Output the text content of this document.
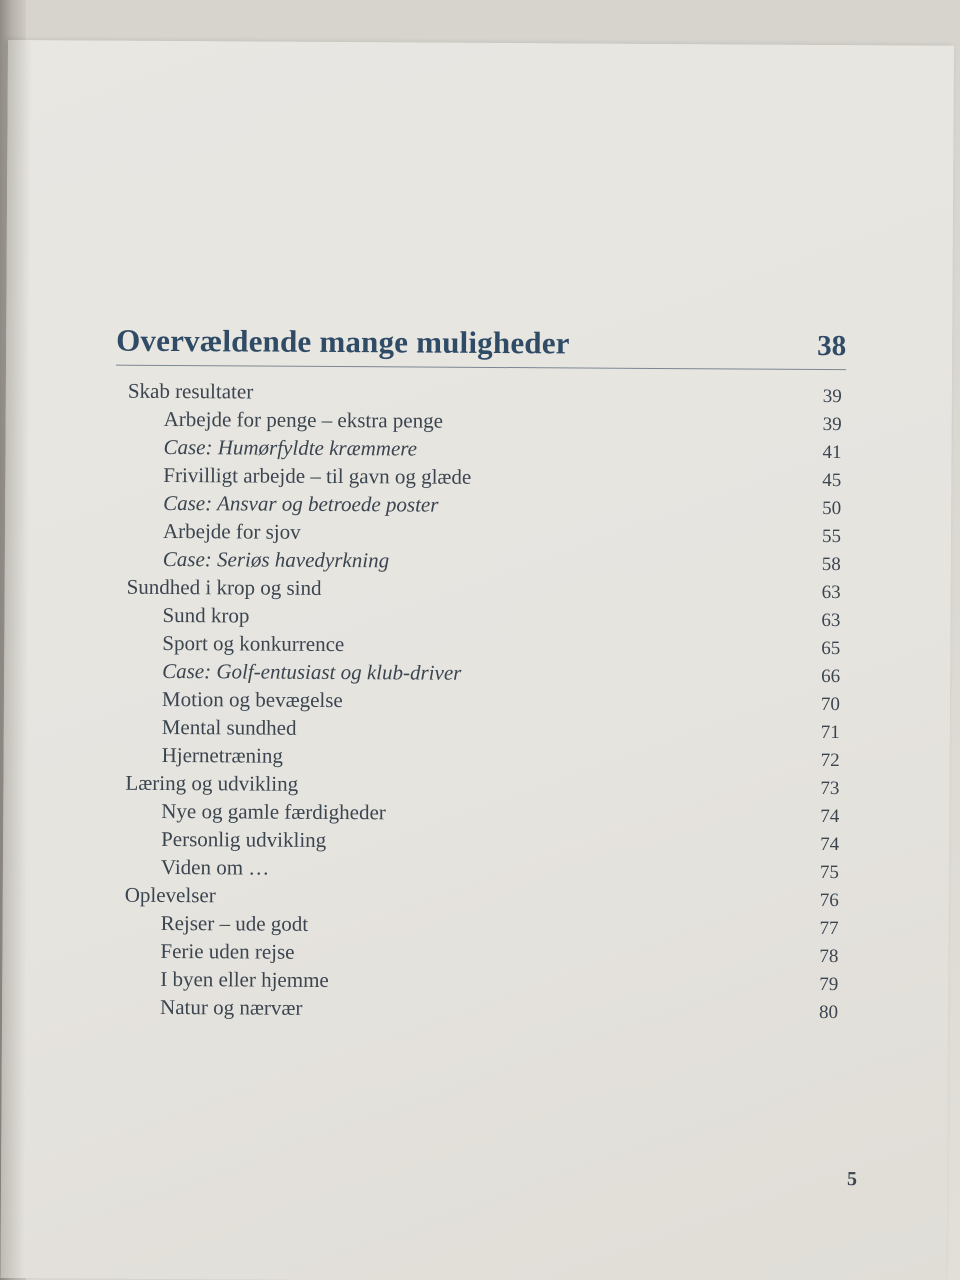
Overvældende mange muligheder	38
Skab resultater	39
Arbejde for penge – ekstra penge	39
Case: Humørfyldte kræmmere	41
Frivilligt arbejde – til gavn og glæde	45
Case: Ansvar og betroede poster	50
Arbejde for sjov	55
Case: Seriøs havedyrkning	58
Sundhed i krop og sind	63
Sund krop	63
Sport og konkurrence	65
Case: Golf-entusiast og klub-driver	66
Motion og bevægelse	70
Mental sundhed	71
Hjernetræning	72
Læring og udvikling	73
Nye og gamle færdigheder	74
Personlig udvikling	74
Viden om …	75
Oplevelser	76
Rejser – ude godt	77
Ferie uden rejse	78
I byen eller hjemme	79
Natur og nærvær	80
5
